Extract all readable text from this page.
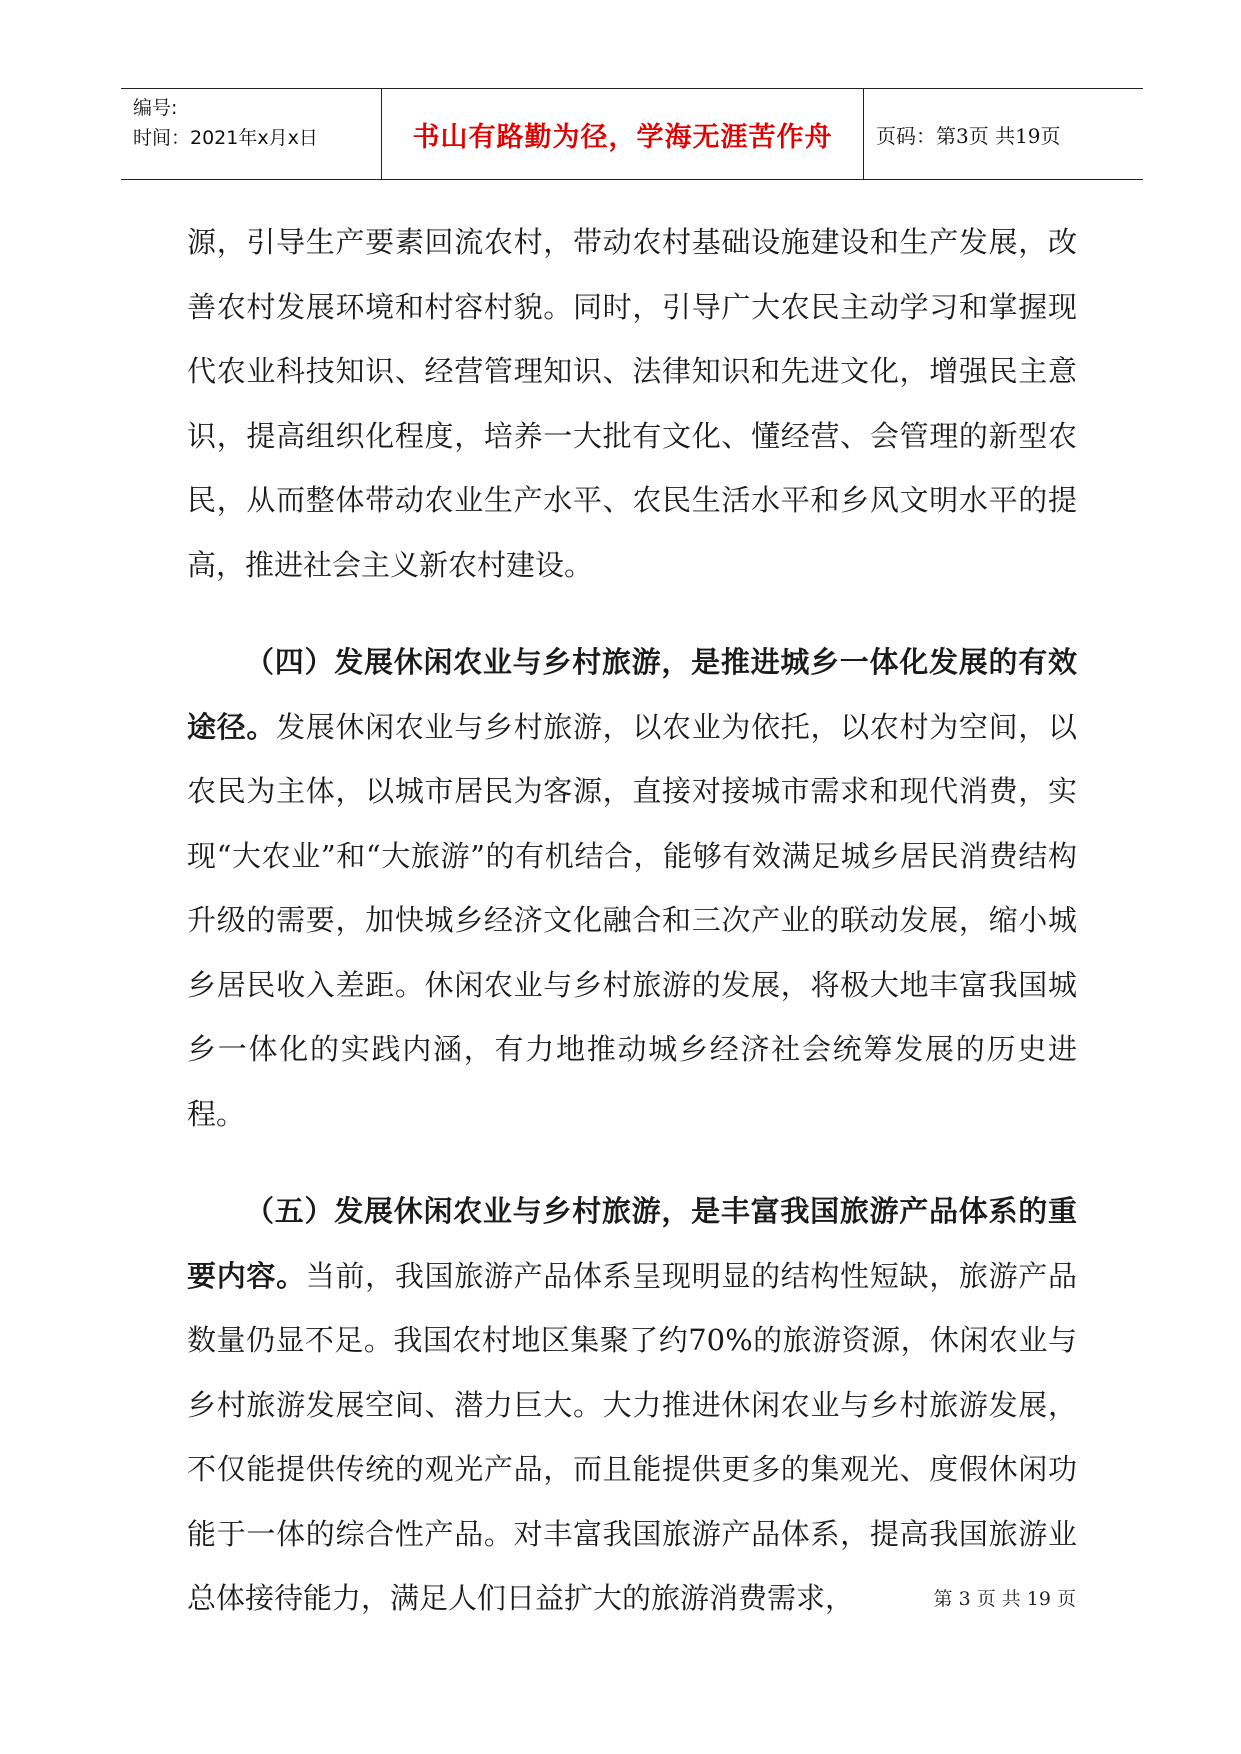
编号:
时间：2021年x月x日	书山有路勤为径，学海无涯苦作舟 页码：第3页 共19页

源，引导生产要素回流农村，带动农村基础设施建设和生产发展，改善农村发展环境和村容村貌。同时，引导广大农民主动学习和掌握现代农业科技知识、经营管理知识、法律知识和先进文化，增强民主意识，提高组织化程度，培养一大批有文化、懂经营、会管理的新型农民，从而整体带动农业生产水平、农民生活水平和乡风文明水平的提高，推进社会主义新农村建设。

（四）发展休闲农业与乡村旅游，是推进城乡一体化发展的有效途径。发展休闲农业与乡村旅游，以农业为依托，以农村为空间，以农民为主体，以城市居民为客源，直接对接城市需求和现代消费，实现“大农业”和“大旅游”的有机结合，能够有效满足城乡居民消费结构升级的需要，加快城乡经济文化融合和三次产业的联动发展，缩小城乡居民收入差距。休闲农业与乡村旅游的发展，将极大地丰富我国城乡一体化的实践内涵，有力地推动城乡经济社会统筹发展的历史进程。

（五）发展休闲农业与乡村旅游，是丰富我国旅游产品体系的重要内容。当前，我国旅游产品体系呈现明显的结构性短缺，旅游产品数量仍显不足。我国农村地区集聚了约70%的旅游资源，休闲农业与乡村旅游发展空间、潜力巨大。大力推进休闲农业与乡村旅游发展，不仅能提供传统的观光产品，而且能提供更多的集观光、度假休闲功能于一体的综合性产品。对丰富我国旅游产品体系，提高我国旅游业总体接待能力，满足人们日益扩大的旅游消费需求，	第 3 页 共 19 页
